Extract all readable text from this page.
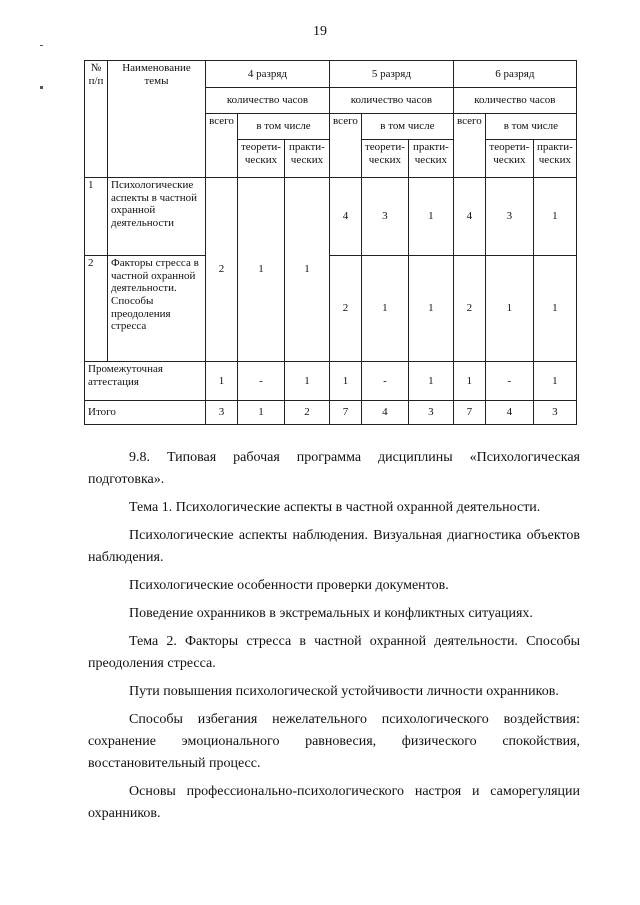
19
№ п/п	Наименование темы	4 разряд			5 разряд			6 разряд		
		количество часов			количество часов			количество часов		
		всего	в том числе		всего	в том числе		всего	в том числе	
			теорети-ческих	практи-ческих		теорети-ческих	практи-ческих		теорети-ческих	практи-ческих
1	Психологические аспекты в частной охранной деятельности	2	1	1	4	3	1	4	3	1
2	Факторы стресса в частной охранной деятельности. Способы преодоления стресса				2	1	1	2	1	1
Промежуточная аттестация		1	-	1	1	-	1	1	-	1
Итого		3	1	2	7	4	3	7	4	3

9.8. Типовая рабочая программа дисциплины «Психологическая подготовка».

Тема 1. Психологические аспекты в частной охранной деятельности.

Психологические аспекты наблюдения. Визуальная диагностика объектов наблюдения.

Психологические особенности проверки документов.

Поведение охранников в экстремальных и конфликтных ситуациях.

Тема 2. Факторы стресса в частной охранной деятельности. Способы преодоления стресса.

Пути повышения психологической устойчивости личности охранников.

Способы избегания нежелательного психологического воздействия: сохранение эмоционального равновесия, физического спокойствия, восстановительный процесс.

Основы профессионально-психологического настроя и саморегуляции охранников.
